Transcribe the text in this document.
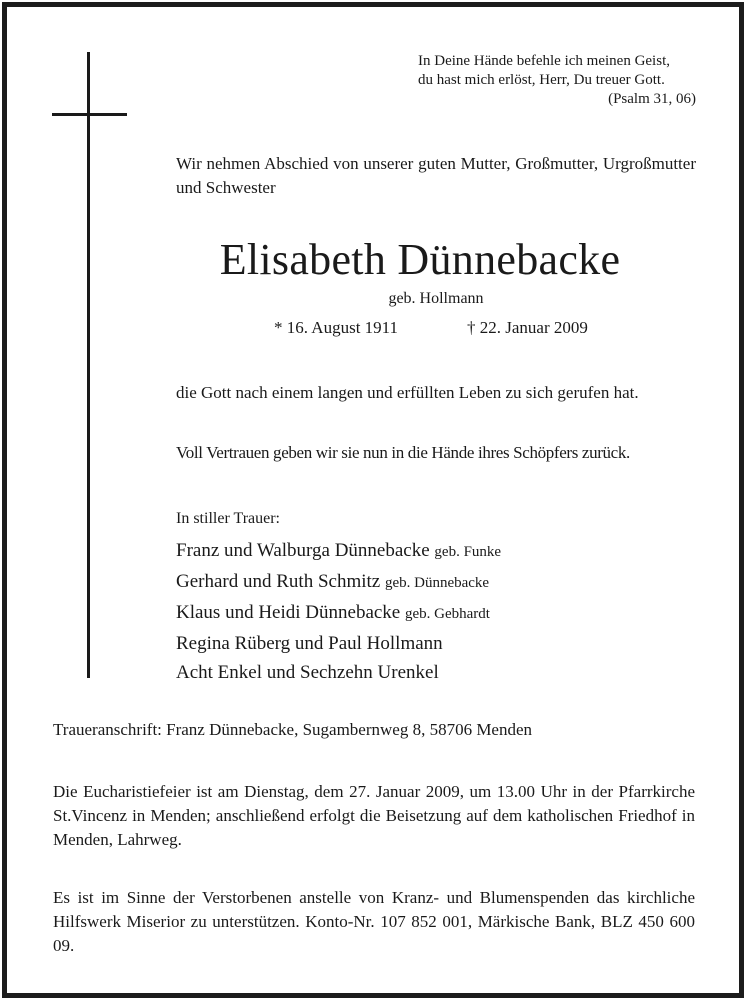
In Deine Hände befehle ich meinen Geist,
du hast mich erlöst, Herr, Du treuer Gott.
(Psalm 31, 06)
Wir nehmen Abschied von unserer guten Mutter, Großmutter, Urgroßmutter und Schwester
Elisabeth Dünnebacke
geb. Hollmann
* 16. August 1911	† 22. Januar 2009
die Gott nach einem langen und erfüllten Leben zu sich gerufen hat.
Voll Vertrauen geben wir sie nun in die Hände ihres Schöpfers zurück.
In stiller Trauer:
Franz und Walburga Dünnebacke geb. Funke
Gerhard und Ruth Schmitz geb. Dünnebacke
Klaus und Heidi Dünnebacke geb. Gebhardt
Regina Rüberg und Paul Hollmann
Acht Enkel und Sechzehn Urenkel
Traueranschrift: Franz Dünnebacke, Sugambernweg 8, 58706 Menden
Die Eucharistiefeier ist am Dienstag, dem 27. Januar 2009, um 13.00 Uhr in der Pfarrkirche St.Vincenz in Menden; anschließend erfolgt die Beisetzung auf dem katholischen Friedhof in Menden, Lahrweg.
Es ist im Sinne der Verstorbenen anstelle von Kranz- und Blumenspenden das kirchliche Hilfswerk Miserior zu unterstützen. Konto-Nr. 107 852 001, Märkische Bank, BLZ 450 600 09.
